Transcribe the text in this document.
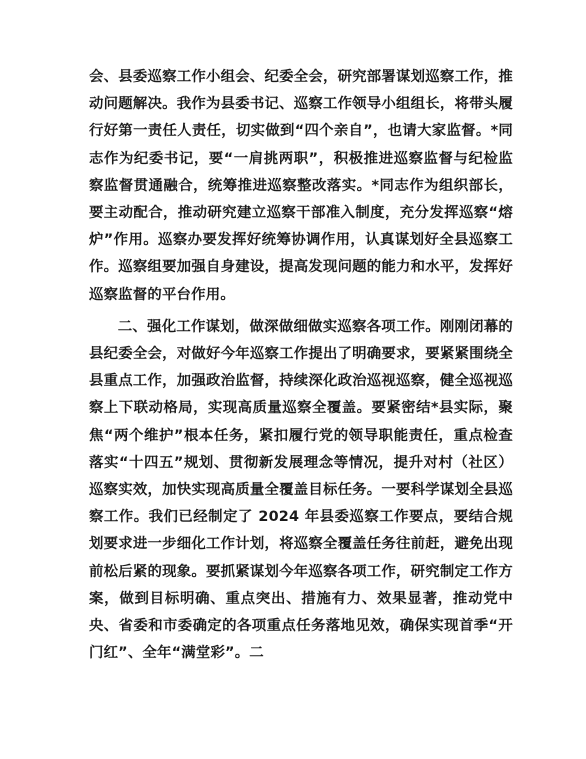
会、县委巡察工作小组会、纪委全会，研究部署谋划巡察工作，推动问题解决。我作为县委书记、巡察工作领导小组组长，将带头履行好第一责任人责任，切实做到“四个亲自”，也请大家监督。*同志作为纪委书记，要“一肩挑两职”，积极推进巡察监督与纪检监察监督贯通融合，统筹推进巡察整改落实。*同志作为组织部长，要主动配合，推动研究建立巡察干部准入制度，充分发挥巡察“熔炉”作用。巡察办要发挥好统筹协调作用，认真谋划好全县巡察工作。巡察组要加强自身建设，提高发现问题的能力和水平，发挥好巡察监督的平台作用。

二、强化工作谋划，做深做细做实巡察各项工作。刚刚闭幕的县纪委全会，对做好今年巡察工作提出了明确要求，要紧紧围绕全县重点工作，加强政治监督，持续深化政治巡视巡察，健全巡视巡察上下联动格局，实现高质量巡察全覆盖。要紧密结*县实际，聚焦“两个维护”根本任务，紧扣履行党的领导职能责任，重点检查落实“十四五”规划、贯彻新发展理念等情况，提升对村（社区）巡察实效，加快实现高质量全覆盖目标任务。一要科学谋划全县巡察工作。我们已经制定了 2024 年县委巡察工作要点，要结合规划要求进一步细化工作计划，将巡察全覆盖任务往前赶，避免出现前松后紧的现象。要抓紧谋划今年巡察各项工作，研究制定工作方案，做到目标明确、重点突出、措施有力、效果显著，推动党中央、省委和市委确定的各项重点任务落地见效，确保实现首季“开门红”、全年“满堂彩”。二
